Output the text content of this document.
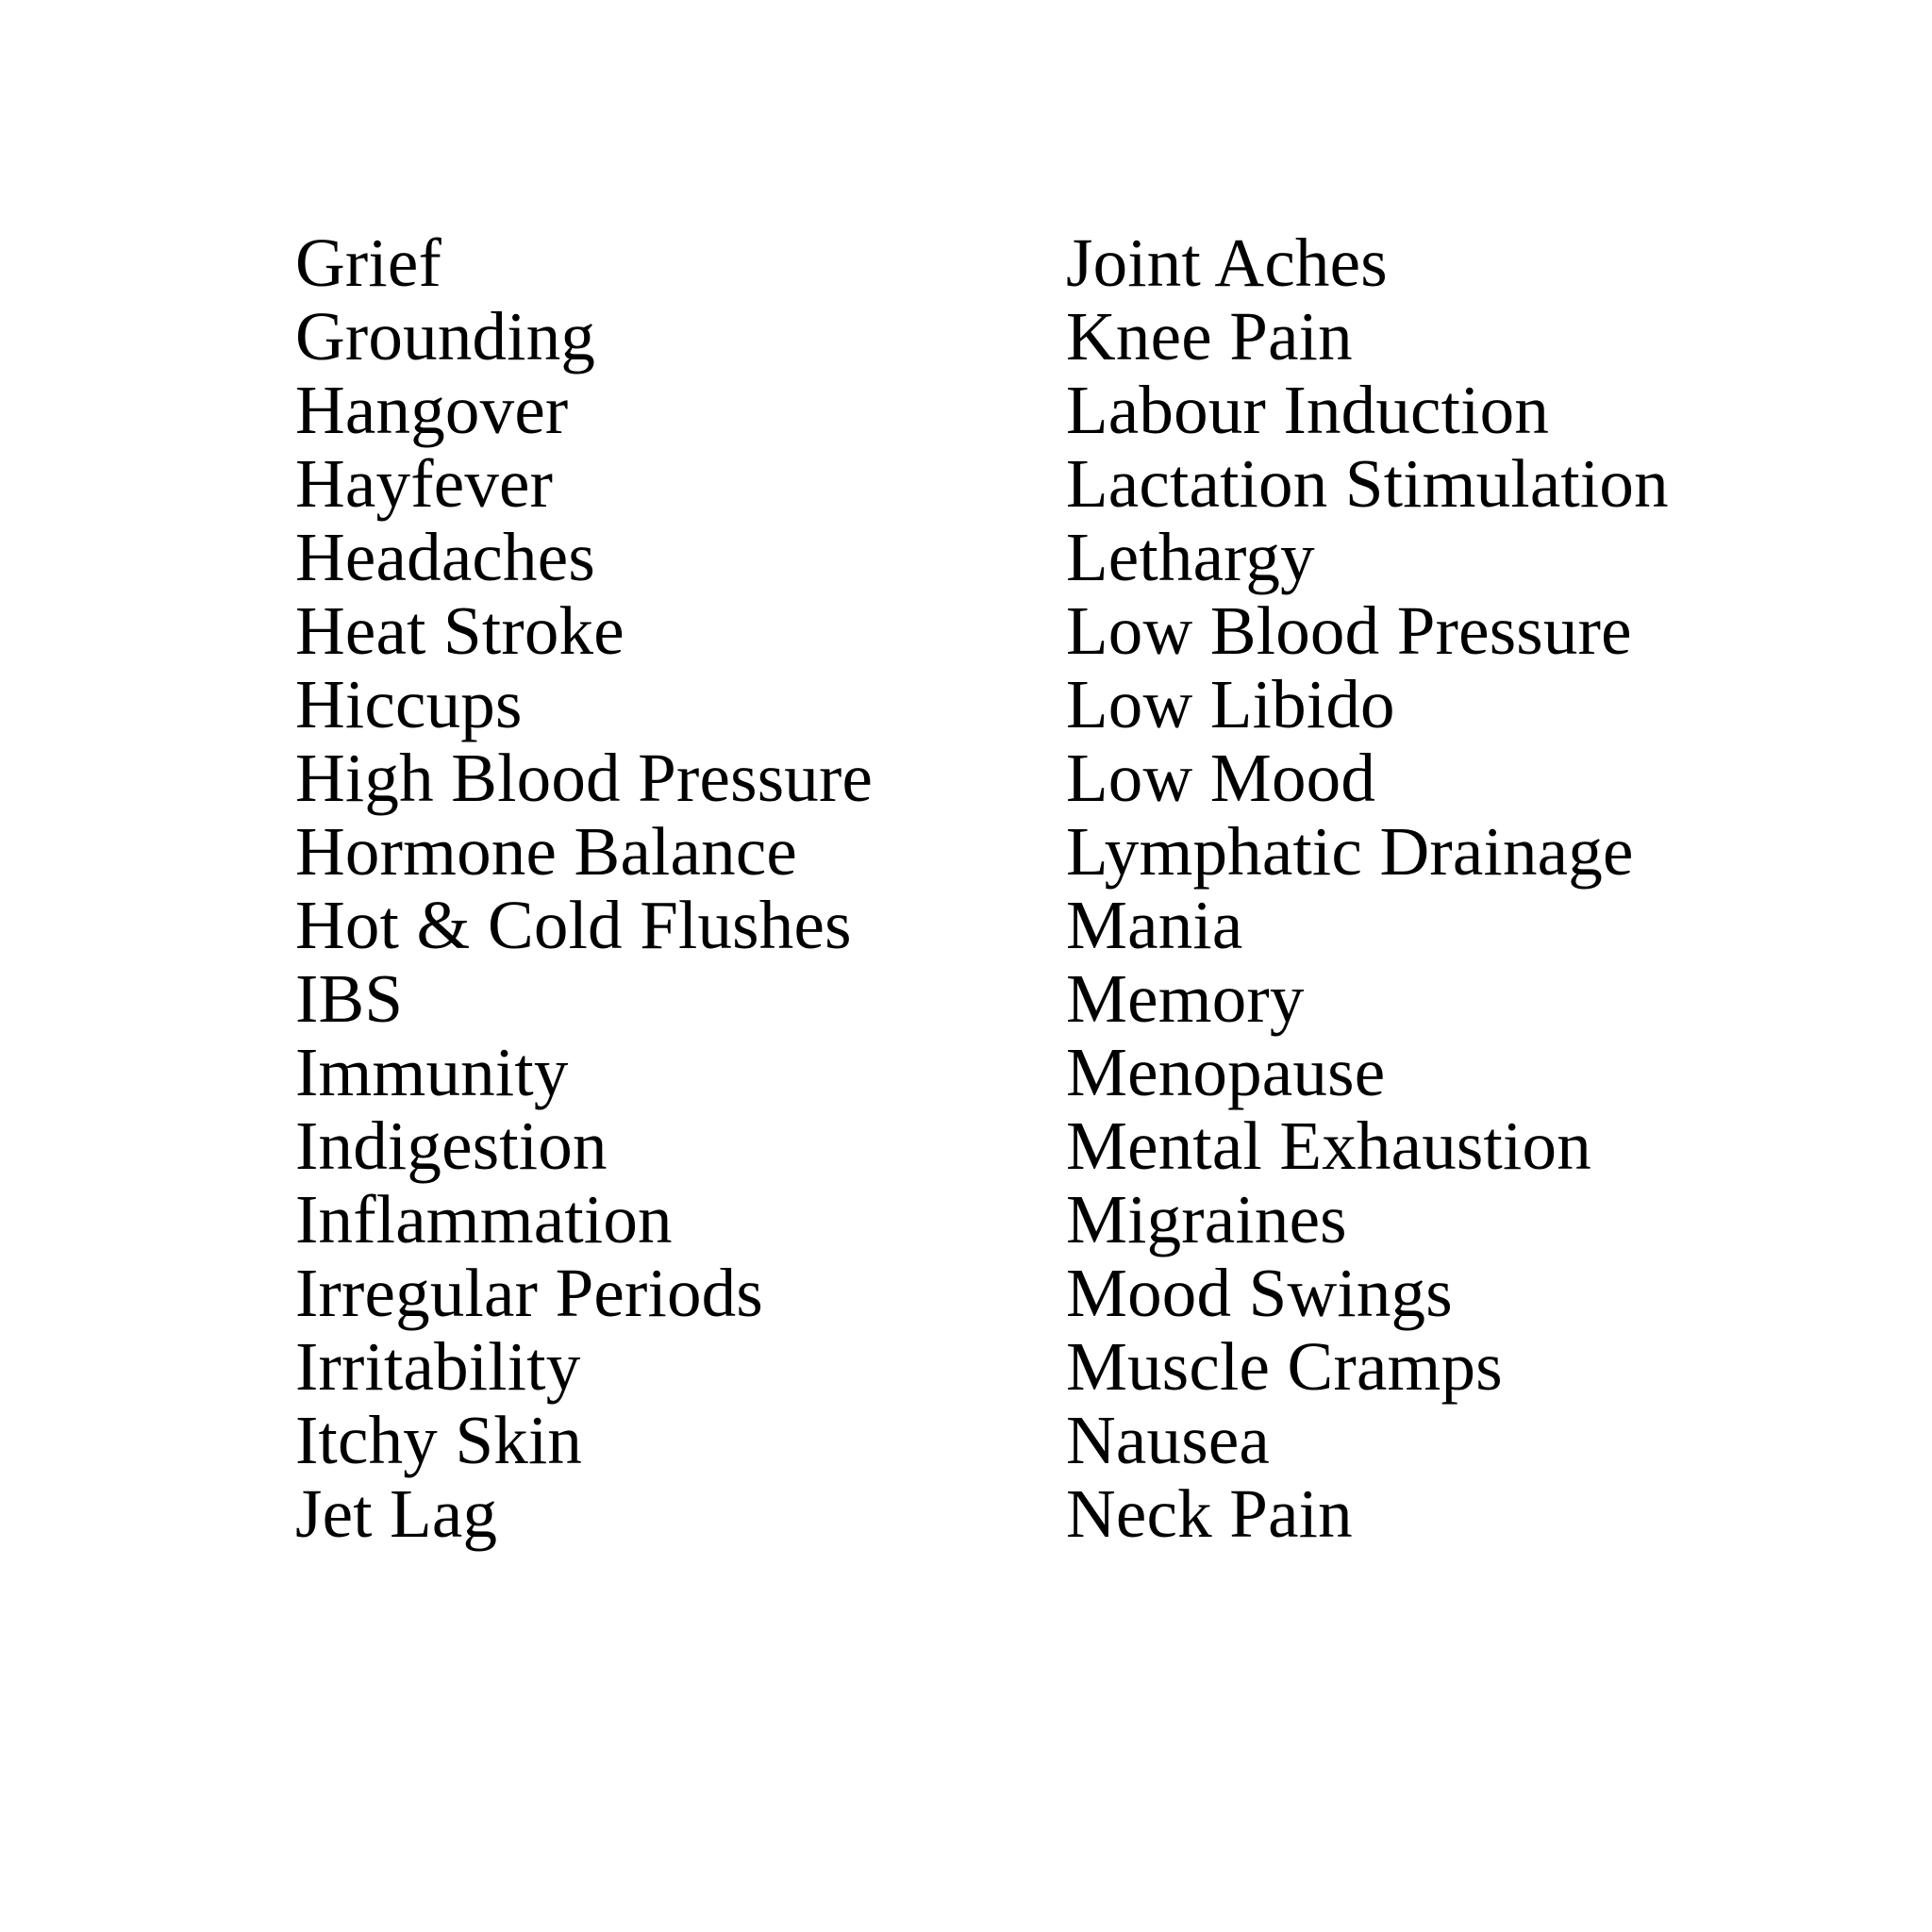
Grief
Grounding
Hangover
Hayfever
Headaches
Heat Stroke
Hiccups
High Blood Pressure
Hormone Balance
Hot & Cold Flushes
IBS
Immunity
Indigestion
Inflammation
Irregular Periods
Irritability
Itchy Skin
Jet Lag
Joint Aches
Knee Pain
Labour Induction
Lactation Stimulation
Lethargy
Low Blood Pressure
Low Libido
Low Mood
Lymphatic Drainage
Mania
Memory
Menopause
Mental Exhaustion
Migraines
Mood Swings
Muscle Cramps
Nausea
Neck Pain
